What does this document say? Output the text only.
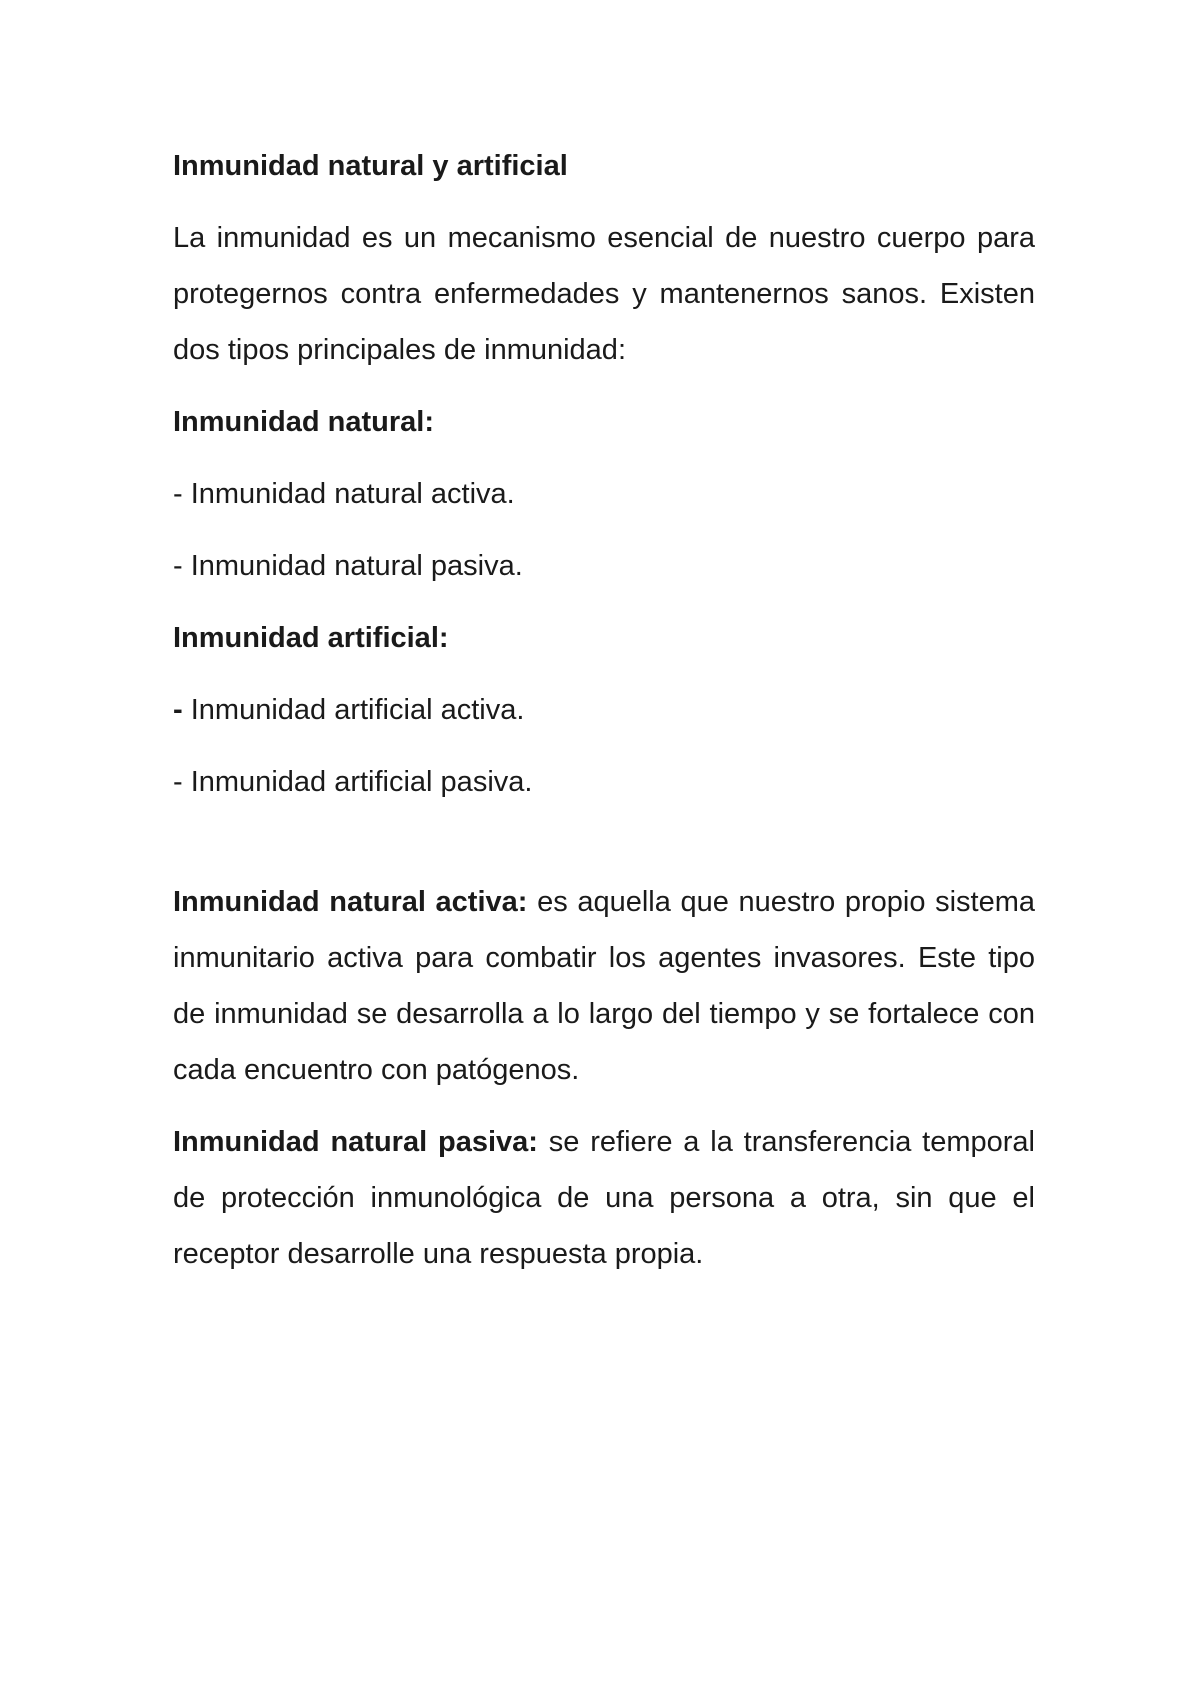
Inmunidad natural y artificial

La inmunidad es un mecanismo esencial de nuestro cuerpo para protegernos contra enfermedades y mantenernos sanos. Existen dos tipos principales de inmunidad:

Inmunidad natural:

- Inmunidad natural activa.

- Inmunidad natural pasiva.

Inmunidad artificial:

- Inmunidad artificial activa.

- Inmunidad artificial pasiva.

Inmunidad natural activa: es aquella que nuestro propio sistema inmunitario activa para combatir los agentes invasores. Este tipo de inmunidad se desarrolla a lo largo del tiempo y se fortalece con cada encuentro con patógenos.

Inmunidad natural pasiva: se refiere a la transferencia temporal de protección inmunológica de una persona a otra, sin que el receptor desarrolle una respuesta propia.
